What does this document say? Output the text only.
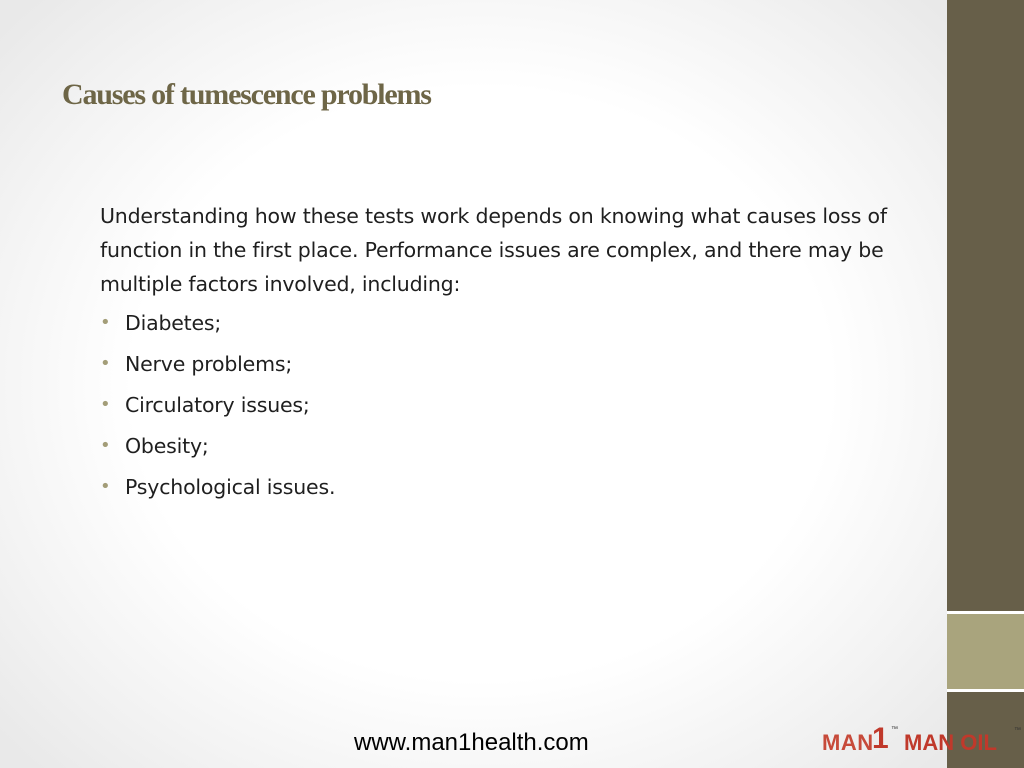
Causes of tumescence problems

Understanding how these tests work depends on knowing what causes loss of function in the first place. Performance issues are complex, and there may be multiple factors involved, including:

• Diabetes;
• Nerve problems;
• Circulatory issues;
• Obesity;
• Psychological issues.
www.man1health.com	MAN
1 ™
MAN OIL ™
